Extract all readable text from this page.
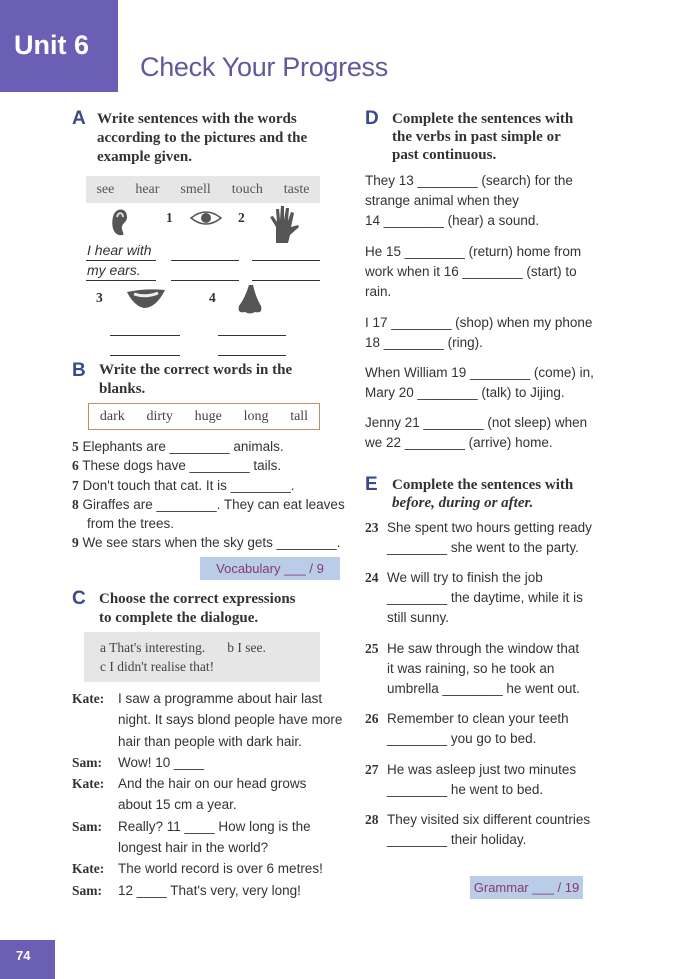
Unit 6
Check Your Progress
A Write sentences with the words
according to the pictures and the
example given.
see hear smell touch taste
1	2
I hear with
my ears.
3	4
B Write the correct words in the
blanks.
dark dirty huge long tall
5 Elephants are ________ animals.
6 These dogs have ________ tails.
7 Don't touch that cat. It is ________.
8 Giraffes are ________. They can eat leaves
from the trees.
9 We see stars when the sky gets ________.
Vocabulary ___ / 9
C Choose the correct expressions
to complete the dialogue.
a That's interesting. b I see.
c I didn't realise that!
Kate:	I saw a programme about hair last
night. It says blond people have more
hair than people with dark hair.
Sam:	Wow! 10 ____
Kate:	And the hair on our head grows
about 15 cm a year.
Sam:	Really? 11 ____ How long is the
longest hair in the world?
Kate:	The world record is over 6 metres!
Sam:	12 ____ That's very, very long!
D Complete the sentences with
the verbs in past simple or
past continuous.
They 13 ________ (search) for the
strange animal when they
14 ________ (hear) a sound.
He 15 ________ (return) home from
work when it 16 ________ (start) to
rain.
I 17 ________ (shop) when my phone
18 ________ (ring).
When William 19 ________ (come) in,
Mary 20 ________ (talk) to Jijing.
Jenny 21 ________ (not sleep) when
we 22 ________ (arrive) home.
E Complete the sentences with
before, during or after.
23 She spent two hours getting ready
________ she went to the party.
24 We will try to finish the job
________ the daytime, while it is
still sunny.
25 He saw through the window that
it was raining, so he took an
umbrella ________ he went out.
26 Remember to clean your teeth
________ you go to bed.
27 He was asleep just two minutes
________ he went to bed.
28 They visited six different countries
________ their holiday.
Grammar ___ / 19
74
